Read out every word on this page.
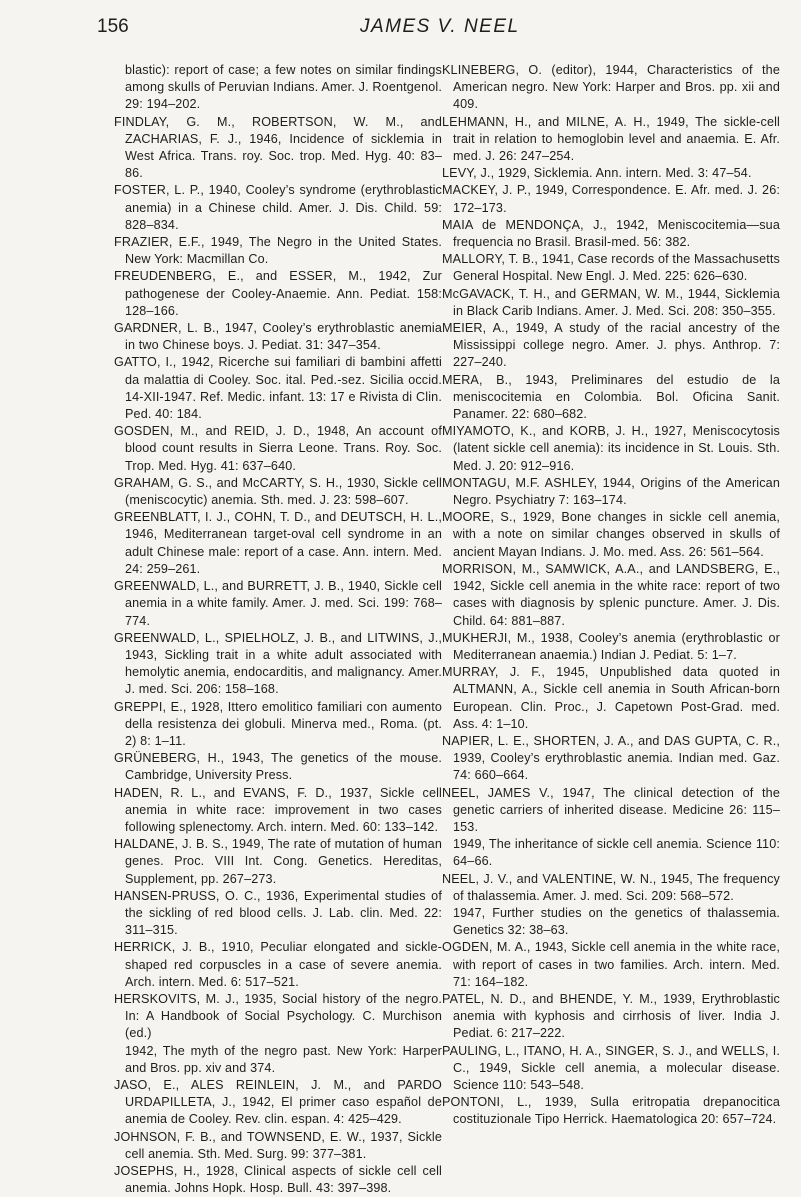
156	JAMES V. NEEL

blastic): report of case; a few notes on similar findings among skulls of Peruvian Indians. Amer. J. Roentgenol. 29: 194–202.

FINDLAY, G. M., ROBERTSON, W. M., and ZACHARIAS, F. J., 1946, Incidence of sicklemia in West Africa. Trans. roy. Soc. trop. Med. Hyg. 40: 83–86.

FOSTER, L. P., 1940, Cooley’s syndrome (erythroblastic anemia) in a Chinese child. Amer. J. Dis. Child. 59: 828–834.

FRAZIER, E.F., 1949, The Negro in the United States. New York: Macmillan Co.

FREUDENBERG, E., and ESSER, M., 1942, Zur pathogenese der Cooley-Anaemie. Ann. Pediat. 158: 128–166.

GARDNER, L. B., 1947, Cooley’s erythroblastic anemia in two Chinese boys. J. Pediat. 31: 347–354.

GATTO, I., 1942, Ricerche sui familiari di bambini affetti da malattia di Cooley. Soc. ital. Ped.-sez. Sicilia occid. 14-XII-1947. Ref. Medic. infant. 13: 17 e Rivista di Clin. Ped. 40: 184.

GOSDEN, M., and REID, J. D., 1948, An account of blood count results in Sierra Leone. Trans. Roy. Soc. Trop. Med. Hyg. 41: 637–640.

GRAHAM, G. S., and McCARTY, S. H., 1930, Sickle cell (meniscocytic) anemia. Sth. med. J. 23: 598–607.

GREENBLATT, I. J., COHN, T. D., and DEUTSCH, H. L., 1946, Mediterranean target-oval cell syndrome in an adult Chinese male: report of a case. Ann. intern. Med. 24: 259–261.

GREENWALD, L., and BURRETT, J. B., 1940, Sickle cell anemia in a white family. Amer. J. med. Sci. 199: 768–774.

GREENWALD, L., SPIELHOLZ, J. B., and LITWINS, J., 1943, Sickling trait in a white adult associated with hemolytic anemia, endocarditis, and malignancy. Amer. J. med. Sci. 206: 158–168.

GREPPI, E., 1928, Ittero emolitico familiari con aumento della resistenza dei globuli. Minerva med., Roma. (pt. 2) 8: 1–11.

GRÜNEBERG, H., 1943, The genetics of the mouse. Cambridge, University Press.

HADEN, R. L., and EVANS, F. D., 1937, Sickle cell anemia in white race: improvement in two cases following splenectomy. Arch. intern. Med. 60: 133–142.

HALDANE, J. B. S., 1949, The rate of mutation of human genes. Proc. VIII Int. Cong. Genetics. Hereditas, Supplement, pp. 267–273.

HANSEN-PRUSS, O. C., 1936, Experimental studies of the sickling of red blood cells. J. Lab. clin. Med. 22: 311–315.

HERRICK, J. B., 1910, Peculiar elongated and sickle-shaped red corpuscles in a case of severe anemia. Arch. intern. Med. 6: 517–521.

HERSKOVITS, M. J., 1935, Social history of the negro. In: A Handbook of Social Psychology. C. Murchison (ed.)

1942, The myth of the negro past. New York: Harper and Bros. pp. xiv and 374.

JASO, E., ALES REINLEIN, J. M., and PARDO URDAPILLETA, J., 1942, El primer caso español de anemia de Cooley. Rev. clin. espan. 4: 425–429.

JOHNSON, F. B., and TOWNSEND, E. W., 1937, Sickle cell anemia. Sth. Med. Surg. 99: 377–381.

JOSEPHS, H., 1928, Clinical aspects of sickle cell cell anemia. Johns Hopk. Hosp. Bull. 43: 397–398.

KLINEBERG, O. (editor), 1944, Characteristics of the American negro. New York: Harper and Bros. pp. xii and 409.

LEHMANN, H., and MILNE, A. H., 1949, The sickle-cell trait in relation to hemoglobin level and anaemia. E. Afr. med. J. 26: 247–254.

LEVY, J., 1929, Sicklemia. Ann. intern. Med. 3: 47–54.

MACKEY, J. P., 1949, Correspondence. E. Afr. med. J. 26: 172–173.

MAIA de MENDONÇA, J., 1942, Meniscocitemia—sua frequencia no Brasil. Brasil-med. 56: 382.

MALLORY, T. B., 1941, Case records of the Massachusetts General Hospital. New Engl. J. Med. 225: 626–630.

McGAVACK, T. H., and GERMAN, W. M., 1944, Sicklemia in Black Carib Indians. Amer. J. Med. Sci. 208: 350–355.

MEIER, A., 1949, A study of the racial ancestry of the Mississippi college negro. Amer. J. phys. Anthrop. 7: 227–240.

MERA, B., 1943, Preliminares del estudio de la meniscocitemia en Colombia. Bol. Oficina Sanit. Panamer. 22: 680–682.

MIYAMOTO, K., and KORB, J. H., 1927, Meniscocytosis (latent sickle cell anemia): its incidence in St. Louis. Sth. Med. J. 20: 912–916.

MONTAGU, M.F. ASHLEY, 1944, Origins of the American Negro. Psychiatry 7: 163–174.

MOORE, S., 1929, Bone changes in sickle cell anemia, with a note on similar changes observed in skulls of ancient Mayan Indians. J. Mo. med. Ass. 26: 561–564.

MORRISON, M., SAMWICK, A.A., and LANDSBERG, E., 1942, Sickle cell anemia in the white race: report of two cases with diagnosis by splenic puncture. Amer. J. Dis. Child. 64: 881–887.

MUKHERJI, M., 1938, Cooley’s anemia (erythroblastic or Mediterranean anaemia.) Indian J. Pediat. 5: 1–7.

MURRAY, J. F., 1945, Unpublished data quoted in ALTMANN, A., Sickle cell anemia in South African-born European. Clin. Proc., J. Capetown Post-Grad. med. Ass. 4: 1–10.

NAPIER, L. E., SHORTEN, J. A., and DAS GUPTA, C. R., 1939, Cooley’s erythroblastic anemia. Indian med. Gaz. 74: 660–664.

NEEL, JAMES V., 1947, The clinical detection of the genetic carriers of inherited disease. Medicine 26: 115–153.

1949, The inheritance of sickle cell anemia. Science 110: 64–66.

NEEL, J. V., and VALENTINE, W. N., 1945, The frequency of thalassemia. Amer. J. med. Sci. 209: 568–572.

1947, Further studies on the genetics of thalassemia. Genetics 32: 38–63.

OGDEN, M. A., 1943, Sickle cell anemia in the white race, with report of cases in two families. Arch. intern. Med. 71: 164–182.

PATEL, N. D., and BHENDE, Y. M., 1939, Erythroblastic anemia with kyphosis and cirrhosis of liver. India J. Pediat. 6: 217–222.

PAULING, L., ITANO, H. A., SINGER, S. J., and WELLS, I. C., 1949, Sickle cell anemia, a molecular disease. Science 110: 543–548.

PONTONI, L., 1939, Sulla eritropatia drepanocitica costituzionale Tipo Herrick. Haematologica 20: 657–724.
